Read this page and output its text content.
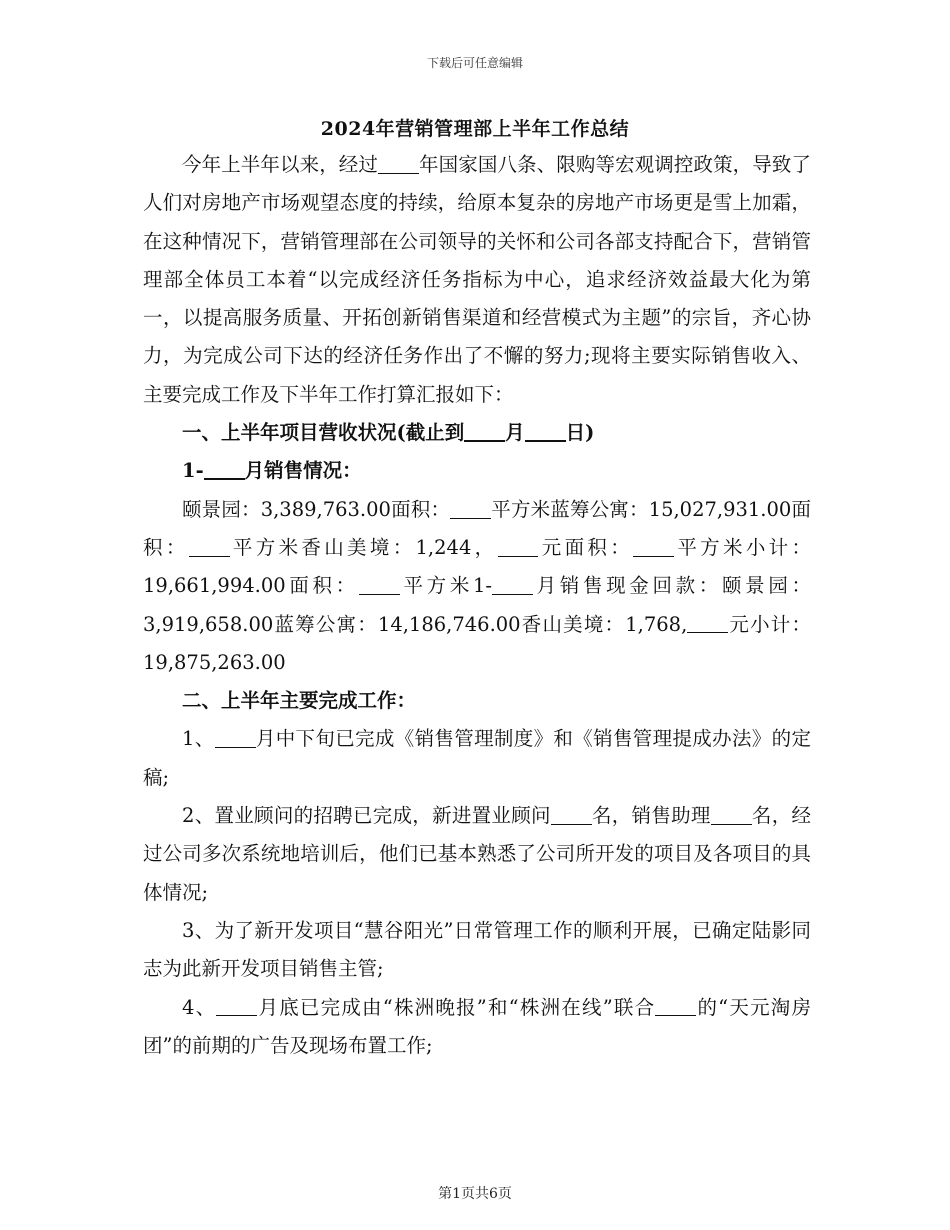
下载后可任意编辑
2024年营销管理部上半年工作总结

今年上半年以来，经过 年国家国八条、限购等宏观调控政策，导致了人们对房地产市场观望态度的持续，给原本复杂的房地产市场更是雪上加霜，在这种情况下，营销管理部在公司领导的关怀和公司各部支持配合下，营销管理部全体员工本着“以完成经济任务指标为中心，追求经济效益最大化为第一，以提高服务质量、开拓创新销售渠道和经营模式为主题”的宗旨，齐心协力，为完成公司下达的经济任务作出了不懈的努力;现将主要实际销售收入、主要完成工作及下半年工作打算汇报如下：

一、上半年项目营收状况(截止到 月 日)

1- 月销售情况：

颐景园：3,389,763.00面积： 平方米蓝筹公寓：15,027,931.00面积： 平方米香山美境：1,244， 元面积： 平方米小计：19,661,994.00面积： 平方米1- 月销售现金回款：颐景园：3,919,658.00蓝筹公寓：14,186,746.00香山美境：1,768, 元小计：19,875,263.00

二、上半年主要完成工作：

1、 月中下旬已完成《销售管理制度》和《销售管理提成办法》的定稿;

2、置业顾问的招聘已完成，新进置业顾问 名，销售助理 名，经过公司多次系统地培训后，他们已基本熟悉了公司所开发的项目及各项目的具体情况;

3、为了新开发项目“慧谷阳光”日常管理工作的顺利开展，已确定陆影同志为此新开发项目销售主管;

4、 月底已完成由“株洲晚报”和“株洲在线”联合 的“天元淘房团”的前期的广告及现场布置工作;

第1页共6页
